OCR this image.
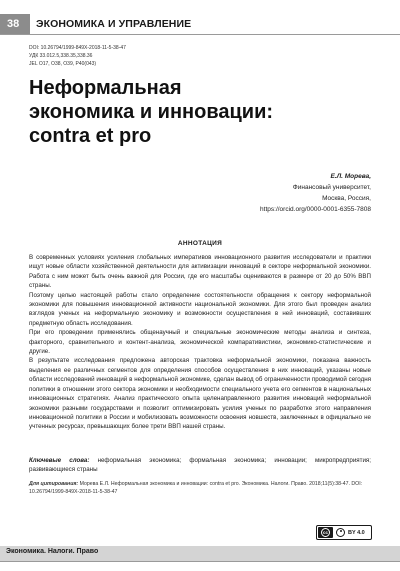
38	ЭКОНОМИКА И УПРАВЛЕНИЕ
DOI: 10.26794/1999-849X-2018-11-5-38-47
УДК 33.012.5,338.35,338.36
JEL O17, O38, O39, P40(043)
Неформальная
экономика и инновации:
contra et pro
Е.Л. Морева,
Финансовый университет,
Москва, Россия,
https://orcid.org/0000-0001-6355-7808
АННОТАЦИЯ

В современных условиях усиления глобальных императивов инновационного развития исследователи и практики ищут новые области хозяйственной деятельности для активизации инноваций в секторе неформальной экономики. Работа с ним может быть очень важной для России, где его масштабы оцениваются в размере от 20 до 50% ВВП страны.

Поэтому целью настоящей работы стало определение состоятельности обращения к сектору неформальной экономики для повышения инновационной активности национальной экономики. Для этого был проведен анализ взглядов ученых на неформальную экономику и возможности осуществления в ней инноваций, составивших предметную область исследования.

При его проведении применялись общенаучный и специальные экономические методы анализа и синтеза, факторного, сравнительного и контент-анализа, экономической компаративистики, экономико-статистические и другие.

В результате исследования предложена авторская трактовка неформальной экономики, показана важность выделения ее различных сегментов для определения способов осуществления в них инноваций, указаны новые области исследований инноваций в неформальной экономике, сделан вывод об ограниченности проводимой сегодня политики в отношении этого сектора экономики и необходимости специального учета его сегментов в национальных инновационных стратегиях. Анализ практического опыта целенаправленного развития инноваций неформальной экономики разными государствами и позволит оптимизировать усилия ученых по разработке этого направления инновационной политики в России и мобилизовать возможности освоения новшеств, заключенных в официально не учтенных ресурсах, превышающих более трети ВВП нашей страны.

Ключевые слова: неформальная экономика; формальная экономика; инновации; микропредприятия; развивающиеся страны
Для цитирования: Морева Е.Л. Неформальная экономика и инновации: contra et pro. Экономика. Налоги. Право. 2018;11(5):38-47. DOI: 10.26794/1999-849X-2018-11-5-38-47
cc	BY 4.0
Экономика. Налоги. Право
